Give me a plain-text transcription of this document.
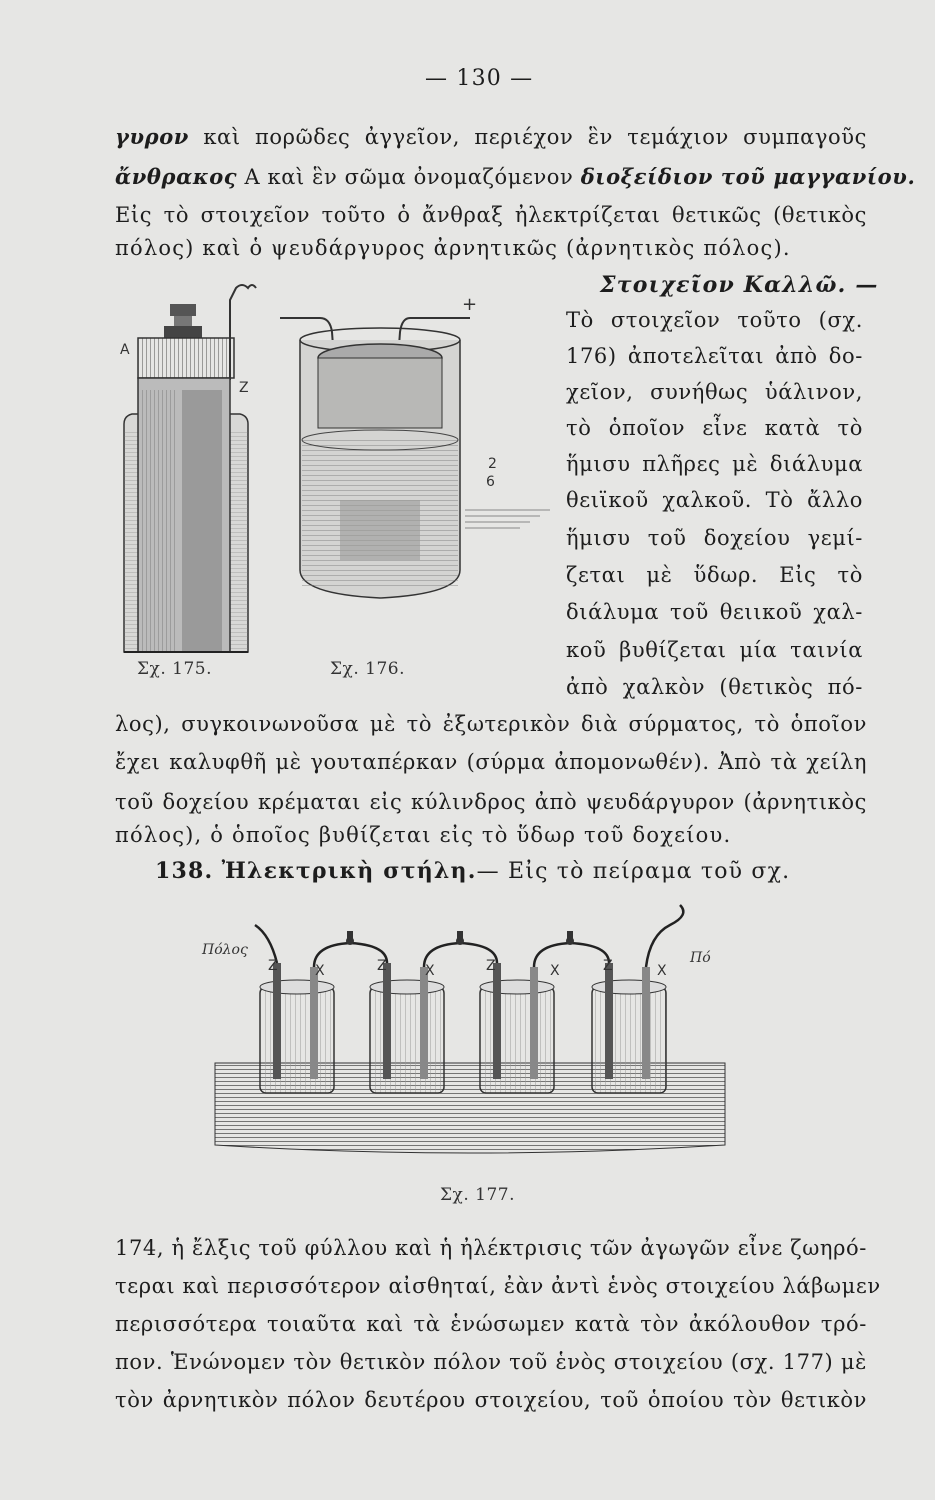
— 130 —
γυρον καὶ πορῶδες ἀγγεῖον, περιέχον ἓν τεμάχιον συμπαγοῦς
ἄνθρακος Α καὶ ἓν σῶμα ὀνομαζόμενον διοξείδιον τοῦ μαγγανίου.
Εἰς τὸ στοιχεῖον τοῦτο ὁ ἄνθραξ ἠλεκτρίζεται θετικῶς (θετικὸς
πόλος) καὶ ὁ ψευδάργυρος ἀρνητικῶς (ἀρνητικὸς πόλος).
Στοιχεῖον Καλλῶ. —
Τὸ στοιχεῖον τοῦτο (σχ.
176) ἀποτελεῖται ἀπὸ δο-
χεῖον, συνήθως ὑάλινον,
τὸ ὁποῖον εἶνε κατὰ τὸ
ἥμισυ πλῆρες μὲ διάλυμα
θειϊκοῦ χαλκοῦ. Τὸ ἄλλο
ἥμισυ τοῦ δοχείου γεμί-
ζεται μὲ ὕδωρ. Εἰς τὸ
διάλυμα τοῦ θειικοῦ χαλ-
κοῦ βυθίζεται μία ταινία
ἀπὸ χαλκὸν (θετικὸς πό-
A
Z
Σχ. 175.
+
2
6
Σχ. 176.
λος), συγκοινωνοῦσα μὲ τὸ ἐξωτερικὸν διὰ σύρματος, τὸ ὁποῖον
ἔχει καλυφθῆ μὲ γουταπέρκαν (σύρμα ἀπομονωθέν). Ἀπὸ τὰ χείλη
τοῦ δοχείου κρέμαται εἰς κύλινδρος ἀπὸ ψευδάργυρον (ἀρνητικὸς
πόλος), ὁ ὁποῖος βυθίζεται εἰς τὸ ὕδωρ τοῦ δοχείου.
138. Ἠλεκτρικὴ στήλη.— Εἰς τὸ πείραμα τοῦ σχ.
Πόλος	Πό
Z	X	Z	X	Z	X	Z	X
Σχ. 177.
174, ἡ ἔλξις τοῦ φύλλου καὶ ἡ ἠλέκτρισις τῶν ἀγωγῶν εἶνε ζωηρό-
τεραι καὶ περισσότερον αἰσθηταί, ἐὰν ἀντὶ ἑνὸς στοιχείου λάβωμεν
περισσότερα τοιαῦτα καὶ τὰ ἑνώσωμεν κατὰ τὸν ἀκόλουθον τρό-
πον. Ἑνώνομεν τὸν θετικὸν πόλον τοῦ ἑνὸς στοιχείου (σχ. 177) μὲ
τὸν ἀρνητικὸν πόλον δευτέρου στοιχείου, τοῦ ὁποίου τὸν θετικὸν
